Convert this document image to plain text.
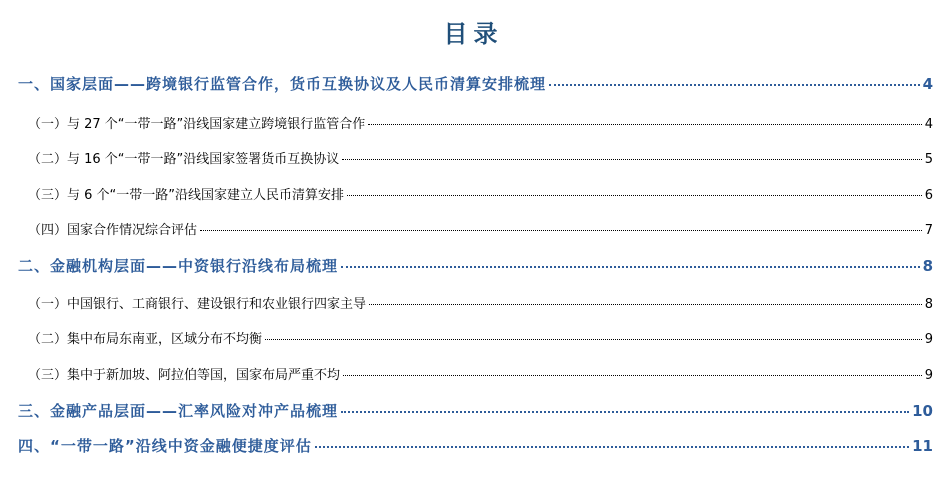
目录
一、国家层面——跨境银行监管合作，货币互换协议及人民币清算安排梳理	4
（一）与 27 个“一带一路”沿线国家建立跨境银行监管合作	4
（二）与 16 个“一带一路”沿线国家签署货币互换协议	5
（三）与 6 个“一带一路”沿线国家建立人民币清算安排	6
（四）国家合作情况综合评估	7
二、金融机构层面——中资银行沿线布局梳理	8
（一）中国银行、工商银行、建设银行和农业银行四家主导	8
（二）集中布局东南亚，区域分布不均衡	9
（三）集中于新加坡、阿拉伯等国，国家布局严重不均	9
三、金融产品层面——汇率风险对冲产品梳理	10
四、“一带一路”沿线中资金融便捷度评估	11
